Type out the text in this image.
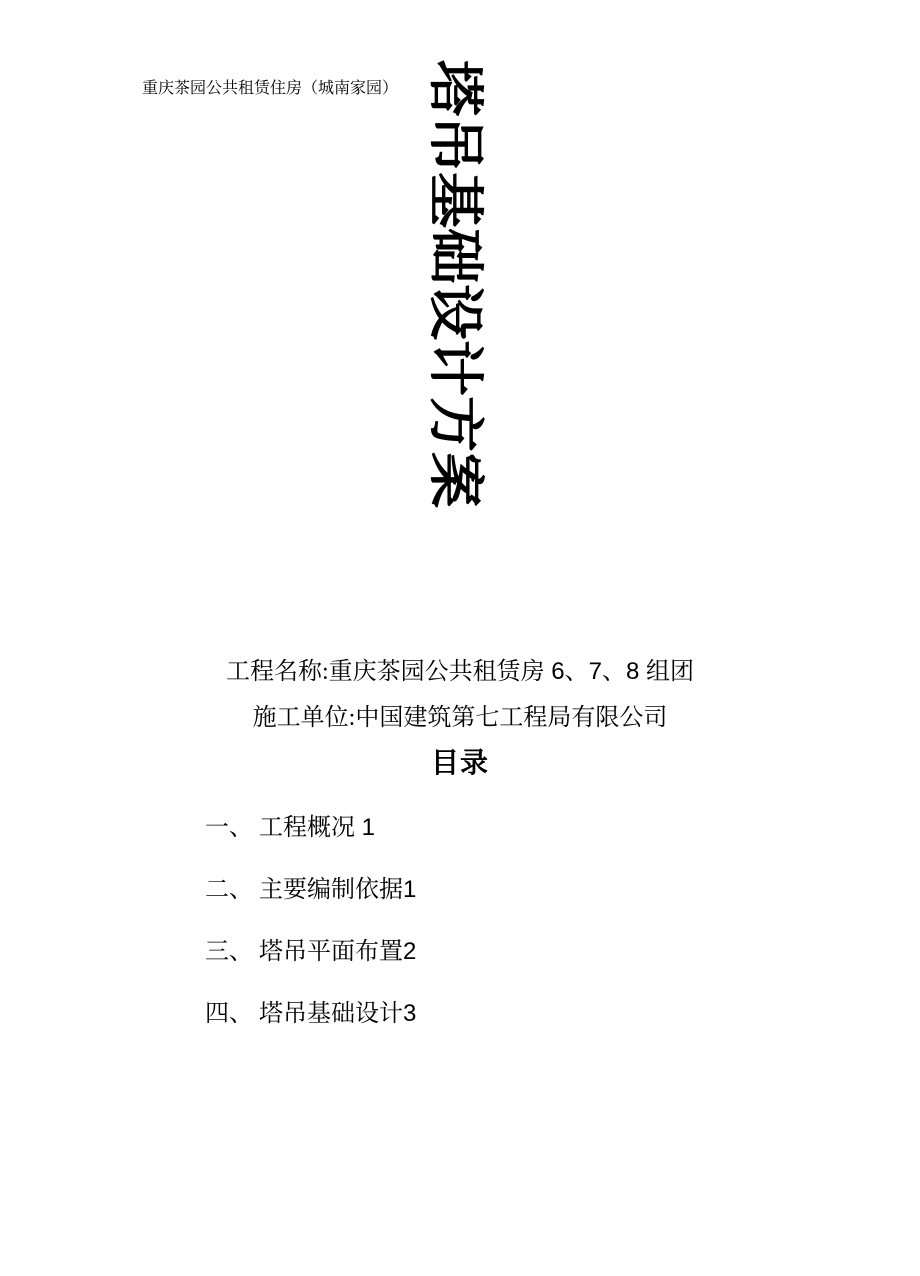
重庆茶园公共租赁住房（城南家园） 塔吊基础设计方案
工程名称:重庆茶园公共租赁房 6、7、8 组团
施工单位:中国建筑第七工程局有限公司
目录
一、 工程概况 1
二、 主要编制依据1
三、 塔吊平面布置2
四、 塔吊基础设计3
